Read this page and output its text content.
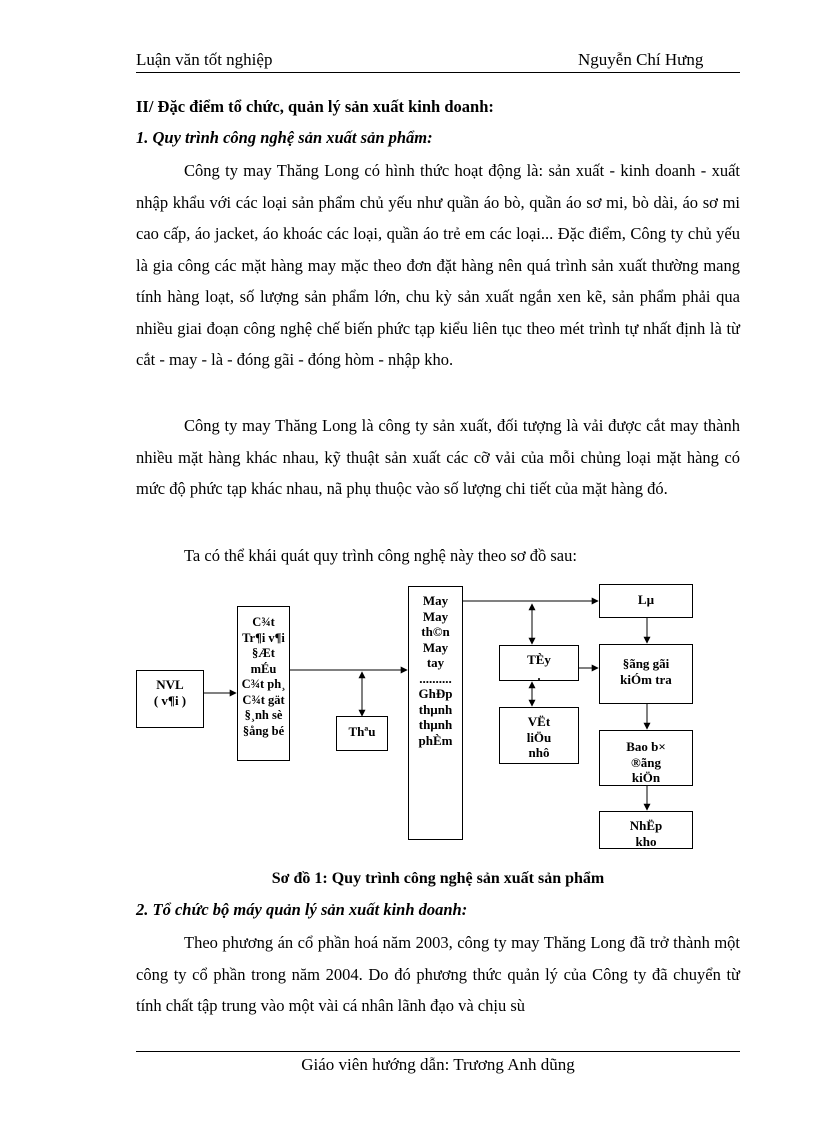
Luận văn tốt nghiệp	Nguyễn Chí Hưng
II/ Đặc điểm tổ chức, quản lý sản xuất kinh doanh:
1. Quy trình công nghệ sản xuất sản phẩm:

Công ty may Thăng Long có hình thức hoạt động là: sản xuất - kinh doanh - xuất nhập khẩu với các loại sản phẩm chủ yếu như quần áo bò, quần áo sơ mi, bò dài, áo sơ mi cao cấp, áo jacket, áo khoác các loại, quần áo trẻ em các loại... Đặc điểm, Công ty chủ yếu là gia công các mặt hàng may mặc theo đơn đặt hàng nên quá trình sản xuất thường mang tính hàng loạt, số lượng sản phẩm lớn, chu kỳ sản xuất ngắn xen kẽ, sản phẩm phải qua nhiều giai đoạn công nghệ chế biến phức tạp kiểu liên tục theo mét trình tự nhất định là từ cắt - may - là - đóng gãi - đóng hòm - nhập kho.

Công ty may Thăng Long là công ty sản xuất, đối tượng là vải được cắt may thành nhiều mặt hàng khác nhau, kỹ thuật sản xuất các cỡ vải của mỗi chủng loại mặt hàng có mức độ phức tạp khác nhau, nã phụ thuộc vào số lượng chi tiết của mặt hàng đó.

Ta có thể khái quát quy trình công nghệ này theo sơ đồ sau:

NVL
( v¶i )
C¾t
Tr¶i v¶i
§Æt
mÉu
C¾t ph¸
C¾t gät
§¸nh sè
§ång bé	Thªu
May
May
th©n
May
tay
..........
GhÐp
thµnh
thµnh
phÈm
TÈy
.
VËt
liÖu
nhô
Lµ
§ãng gãi
kiÓm tra
Bao b×
®ãng
kiÖn
NhËp
kho
Sơ đồ 1: Quy trình công nghệ sản xuất sản phẩm
2. Tổ chức bộ máy quản lý sản xuất kinh doanh:

Theo phương án cổ phần hoá năm 2003, công ty may Thăng Long đã trở thành một công ty cổ phần trong năm 2004. Do đó phương thức quản lý của Công ty đã chuyển từ tính chất tập trung vào một vài cá nhân lãnh đạo và chịu sù

Giáo viên hướng dẫn: Trương Anh dũng
